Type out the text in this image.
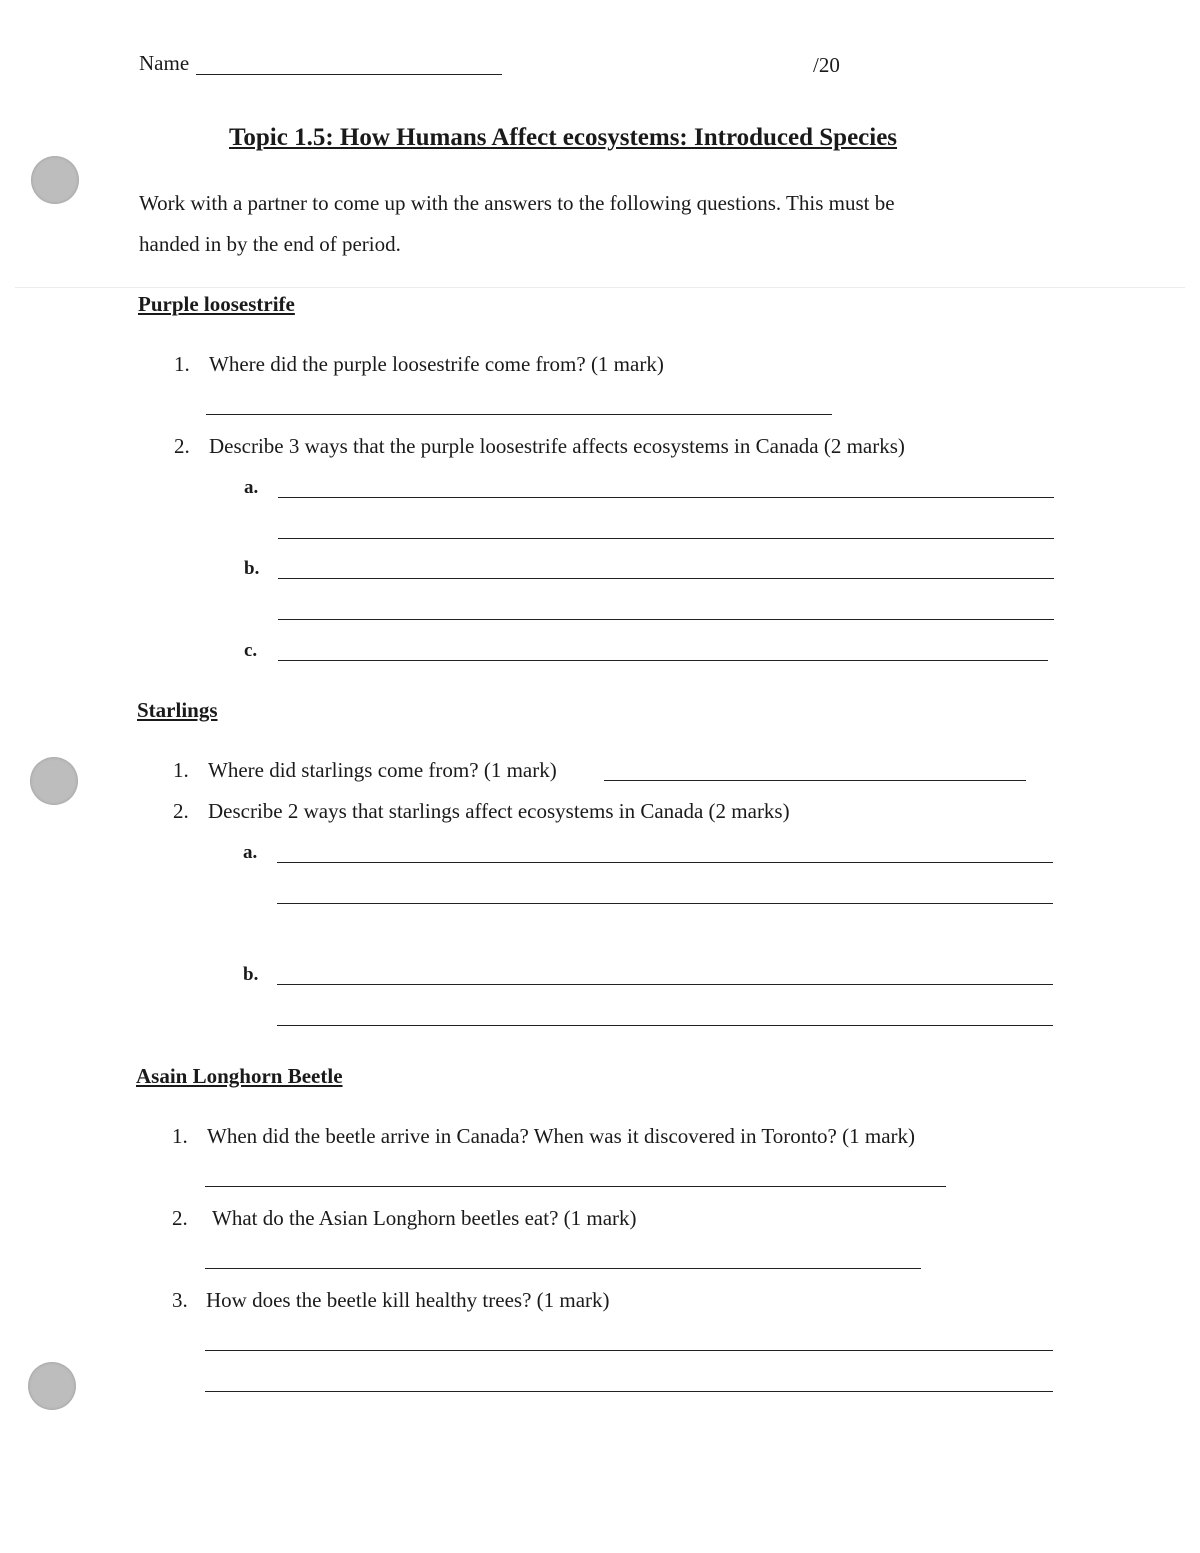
Name	/20
Topic 1.5: How Humans Affect ecosystems: Introduced Species
Work with a partner to come up with the answers to the following questions. This must be
handed in by the end of period.
Purple loosestrife
1. Where did the purple loosestrife come from? (1 mark)
2. Describe 3 ways that the purple loosestrife affects ecosystems in Canada (2 marks)
a.
b.
c.
Starlings
1. Where did starlings come from? (1 mark)
2. Describe 2 ways that starlings affect ecosystems in Canada (2 marks)
a.
b.
Asain Longhorn Beetle
1. When did the beetle arrive in Canada? When was it discovered in Toronto? (1 mark)
2. What do the Asian Longhorn beetles eat? (1 mark)
3. How does the beetle kill healthy trees? (1 mark)
